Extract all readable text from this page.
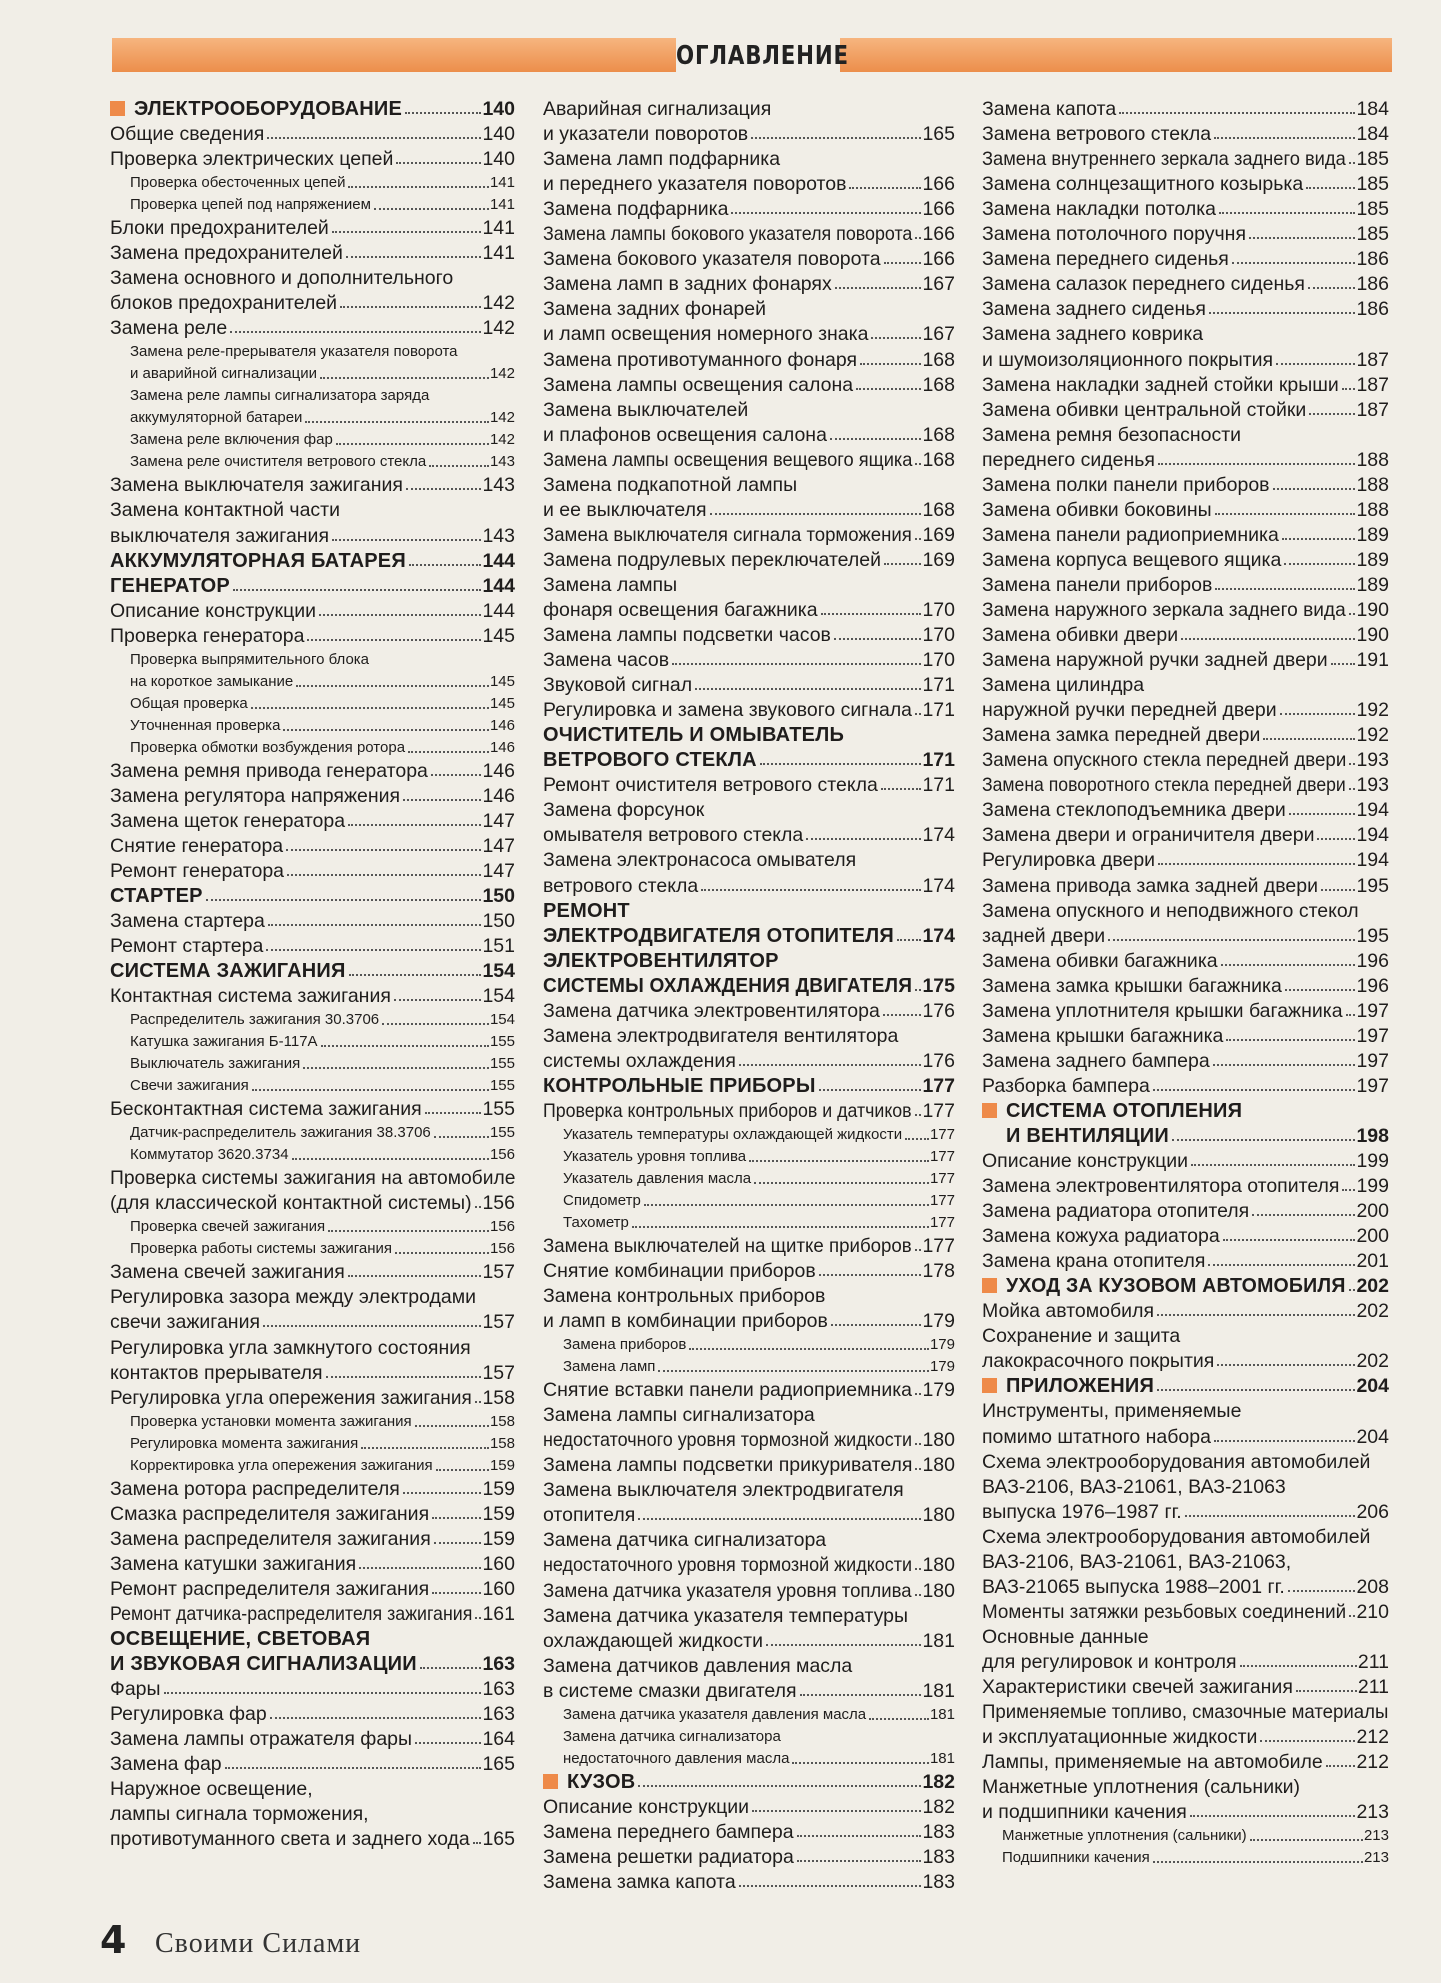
ОГЛАВЛЕНИЕ
ЭЛЕКТРООБОРУДОВАНИЕ	140
Общие сведения	140
Проверка электрических цепей	140
Проверка обесточенных цепей	141
Проверка цепей под напряжением	141
Блоки предохранителей	141
Замена предохранителей	141
Замена основного и дополнительного
блоков предохранителей	142
Замена реле	142
Замена реле-прерывателя указателя поворота
и аварийной сигнализации	142
Замена реле лампы сигнализатора заряда
аккумуляторной батареи	142
Замена реле включения фар	142
Замена реле очистителя ветрового стекла	143
Замена выключателя зажигания	143
Замена контактной части
выключателя зажигания	143
АККУМУЛЯТОРНАЯ БАТАРЕЯ	144
ГЕНЕРАТОР	144
Описание конструкции	144
Проверка генератора	145
Проверка выпрямительного блока
на короткое замыкание	145
Общая проверка	145
Уточненная проверка	146
Проверка обмотки возбуждения ротора	146
Замена ремня привода генератора	146
Замена регулятора напряжения	146
Замена щеток генератора	147
Снятие генератора	147
Ремонт генератора	147
СТАРТЕР	150
Замена стартера	150
Ремонт стартера	151
СИСТЕМА ЗАЖИГАНИЯ	154
Контактная система зажигания	154
Распределитель зажигания 30.3706	154
Катушка зажигания Б-117А	155
Выключатель зажигания	155
Свечи зажигания	155
Бесконтактная система зажигания	155
Датчик-распределитель зажигания 38.3706	155
Коммутатор 3620.3734	156
Проверка системы зажигания на автомобиле
(для классической контактной системы) 156
Проверка свечей зажигания	156
Проверка работы системы зажигания	156
Замена свечей зажигания	157
Регулировка зазора между электродами
свечи зажигания	157
Регулировка угла замкнутого состояния
контактов прерывателя	157
Регулировка угла опережения зажигания 158
Проверка установки момента зажигания	158
Регулировка момента зажигания	158
Корректировка угла опережения зажигания	159
Замена ротора распределителя	159
Смазка распределителя зажигания	159
Замена распределителя зажигания	159
Замена катушки зажигания	160
Ремонт распределителя зажигания	160
Ремонт датчика-распределителя зажигания 161
ОСВЕЩЕНИЕ, СВЕТОВАЯ
И ЗВУКОВАЯ СИГНАЛИЗАЦИИ	163
Фары	163
Регулировка фар	163
Замена лампы отражателя фары	164
Замена фар	165
Наружное освещение,
лампы сигнала торможения,
противотуманного света и заднего хода 165
Аварийная сигнализация
и указатели поворотов	165
Замена ламп подфарника
и переднего указателя поворотов	166
Замена подфарника	166
Замена лампы бокового указателя поворота 166
Замена бокового указателя поворота 166
Замена ламп в задних фонарях	167
Замена задних фонарей
и ламп освещения номерного знака	167
Замена противотуманного фонаря	168
Замена лампы освещения салона	168
Замена выключателей
и плафонов освещения салона	168
Замена лампы освещения вещевого ящика 168
Замена подкапотной лампы
и ее выключателя	168
Замена выключателя сигнала торможения 169
Замена подрулевых переключателей 169
Замена лампы
фонаря освещения багажника	170
Замена лампы подсветки часов	170
Замена часов	170
Звуковой сигнал	171
Регулировка и замена звукового сигнала 171
ОЧИСТИТЕЛЬ И ОМЫВАТЕЛЬ
ВЕТРОВОГО СТЕКЛА	171
Ремонт очистителя ветрового стекла 171
Замена форсунок
омывателя ветрового стекла	174
Замена электронасоса омывателя
ветрового стекла	174
РЕМОНТ
ЭЛЕКТРОДВИГАТЕЛЯ ОТОПИТЕЛЯ 174
ЭЛЕКТРОВЕНТИЛЯТОР
СИСТЕМЫ ОХЛАЖДЕНИЯ ДВИГАТЕЛЯ 175
Замена датчика электровентилятора 176
Замена электродвигателя вентилятора
системы охлаждения	176
КОНТРОЛЬНЫЕ ПРИБОРЫ	177
Проверка контрольных приборов и датчиков 177
Указатель температуры охлаждающей жидкости 177
Указатель уровня топлива	177
Указатель давления масла	177
Спидометр	177
Тахометр	177
Замена выключателей на щитке приборов 177
Снятие комбинации приборов	178
Замена контрольных приборов
и ламп в комбинации приборов	179
Замена приборов	179
Замена ламп	179
Снятие вставки панели радиоприемника 179
Замена лампы сигнализатора
недостаточного уровня тормозной жидкости 180
Замена лампы подсветки прикуривателя 180
Замена выключателя электродвигателя
отопителя	180
Замена датчика сигнализатора
недостаточного уровня тормозной жидкости 180
Замена датчика указателя уровня топлива 180
Замена датчика указателя температуры
охлаждающей жидкости	181
Замена датчиков давления масла
в системе смазки двигателя	181
Замена датчика указателя давления масла	181
Замена датчика сигнализатора
недостаточного давления масла	181
КУЗОВ	182
Описание конструкции	182
Замена переднего бампера	183
Замена решетки радиатора	183
Замена замка капота	183
Замена капота	184
Замена ветрового стекла	184
Замена внутреннего зеркала заднего вида 185
Замена солнцезащитного козырька	185
Замена накладки потолка	185
Замена потолочного поручня	185
Замена переднего сиденья	186
Замена салазок переднего сиденья	186
Замена заднего сиденья	186
Замена заднего коврика
и шумоизоляционного покрытия	187
Замена накладки задней стойки крыши 187
Замена обивки центральной стойки	187
Замена ремня безопасности
переднего сиденья	188
Замена полки панели приборов	188
Замена обивки боковины	188
Замена панели радиоприемника	189
Замена корпуса вещевого ящика	189
Замена панели приборов	189
Замена наружного зеркала заднего вида 190
Замена обивки двери	190
Замена наружной ручки задней двери 191
Замена цилиндра
наружной ручки передней двери	192
Замена замка передней двери	192
Замена опускного стекла передней двери 193
Замена поворотного стекла передней двери 193
Замена стеклоподъемника двери	194
Замена двери и ограничителя двери 194
Регулировка двери	194
Замена привода замка задней двери 195
Замена опускного и неподвижного стекол
задней двери	195
Замена обивки багажника	196
Замена замка крышки багажника	196
Замена уплотнителя крышки багажника 197
Замена крышки багажника	197
Замена заднего бампера	197
Разборка бампера	197
СИСТЕМА ОТОПЛЕНИЯ
И ВЕНТИЛЯЦИИ	198
Описание конструкции	199
Замена электровентилятора отопителя 199
Замена радиатора отопителя	200
Замена кожуха радиатора	200
Замена крана отопителя	201
УХОД ЗА КУЗОВОМ АВТОМОБИЛЯ 202
Мойка автомобиля	202
Сохранение и защита
лакокрасочного покрытия	202
ПРИЛОЖЕНИЯ	204
Инструменты, применяемые
помимо штатного набора	204
Схема электрооборудования автомобилей
ВАЗ-2106, ВАЗ-21061, ВАЗ-21063
выпуска 1976–1987 гг.	206
Схема электрооборудования автомобилей
ВАЗ-2106, ВАЗ-21061, ВАЗ-21063,
ВАЗ-21065 выпуска 1988–2001 гг.	208
Моменты затяжки резьбовых соединений 210
Основные данные
для регулировок и контроля	211
Характеристики свечей зажигания	211
Применяемые топливо, смазочные материалы
и эксплуатационные жидкости	212
Лампы, применяемые на автомобиле 212
Манжетные уплотнения (сальники)
и подшипники качения	213
Манжетные уплотнения (сальники)	213
Подшипники качения	213
4 Своими Силами
